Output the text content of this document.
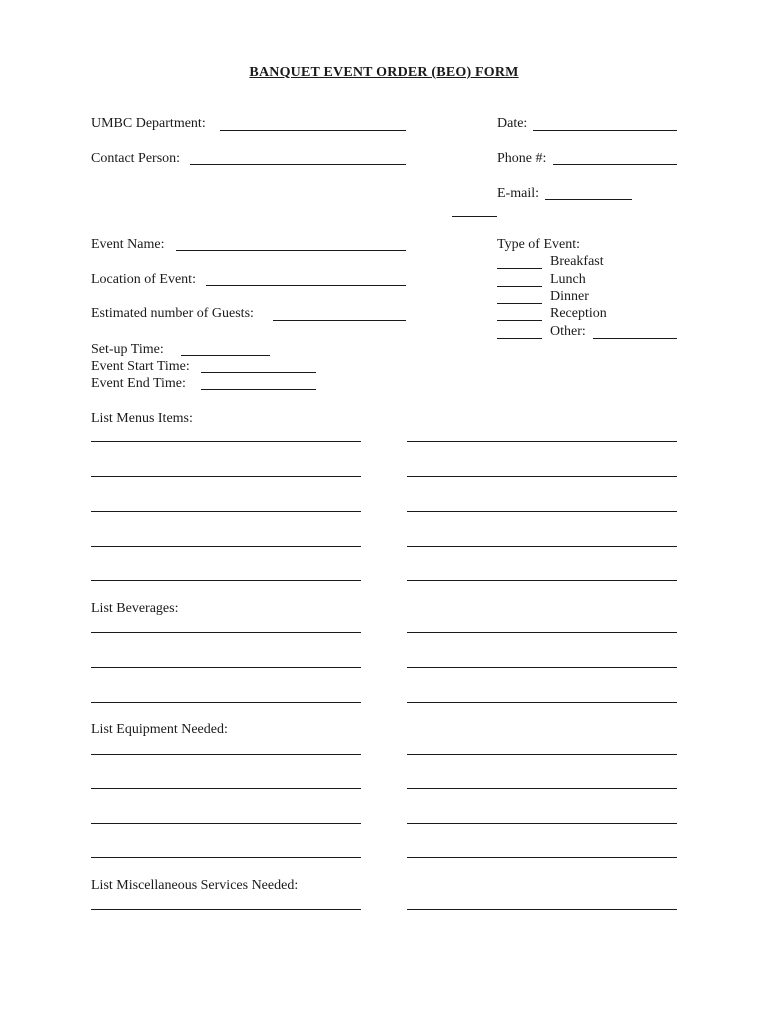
BANQUET EVENT ORDER (BEO) FORM
UMBC Department:	Date:
Contact Person:	Phone #:
E-mail:
Event Name:
Location of Event:
Estimated number of Guests:
Set-up Time:
Event Start Time:
Event End Time:
Type of Event:
Breakfast
Lunch
Dinner
Reception
Other:
List Menus Items:
List Beverages:
List Equipment Needed:
List Miscellaneous Services Needed:
